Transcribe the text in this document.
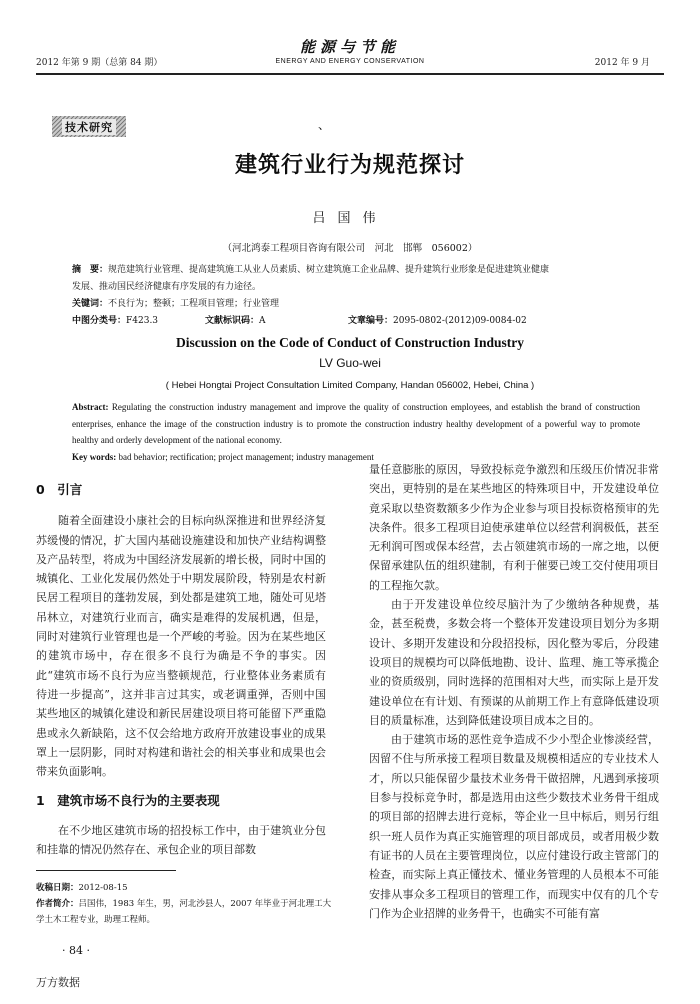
2012 年第 9 期（总第 84 期）
能源与节能
ENERGY AND ENERGY CONSERVATION	2012 年 9 月
技术研究	、
建筑行业行为规范探讨
吕国伟
（河北鸿泰工程项目咨询有限公司　河北　邯郸　056002）
摘　要：规范建筑行业管理、提高建筑施工从业人员素质、树立建筑施工企业品牌、提升建筑行业形象是促进建筑业健康
发展、推动国民经济健康有序发展的有力途径。
关键词：不良行为；整顿；工程项目管理；行业管理
中图分类号：F423.3	文献标识码：A	文章编号：2095-0802-(2012)09-0084-02
Discussion on the Code of Conduct of Construction Industry
LV Guo-wei
( Hebei Hongtai Project Consultation Limited Company, Handan 056002, Hebei, China )
Abstract: Regulating the construction industry management and improve the quality of construction employees, and establish the brand of construction enterprises, enhance the image of the construction industry is to promote the construction industry healthy development of a powerful way to promote healthy and orderly development of the national economy.
Key words: bad behavior; rectification; project management; industry management

0　引言

随着全面建设小康社会的目标向纵深推进和世界经济复苏缓慢的情况，扩大国内基础设施建设和加快产业结构调整及产品转型，将成为中国经济发展新的增长极，同时中国的城镇化、工业化发展仍然处于中期发展阶段，特别是农村新民居工程项目的蓬勃发展，到处都是建筑工地，随处可见塔吊林立，对建筑行业而言，确实是难得的发展机遇，但是，同时对建筑行业管理也是一个严峻的考验。因为在某些地区的建筑市场中，存在很多不良行为确是不争的事实。因此“建筑市场不良行为应当整顿规范，行业整体业务素质有待进一步提高”，这并非言过其实，或老调重弹，否则中国某些地区的城镇化建设和新民居建设项目将可能留下严重隐患或永久新缺陷，这不仅会给地方政府开放建设事业的成果罩上一层阴影，同时对构建和谐社会的相关事业和成果也会带来负面影响。

1　建筑市场不良行为的主要表现

在不少地区建筑市场的招投标工作中，由于建筑业分包和挂靠的情况仍然存在、承包企业的项目部数

量任意膨胀的原因，导致投标竞争激烈和压级压价情况非常突出，更特别的是在某些地区的特殊项目中，开发建设单位竟采取以垫资数额多少作为企业参与项目投标资格预审的先决条件。很多工程项目迫使承建单位以经营利润极低，甚至无利润可图或保本经营，去占领建筑市场的一席之地，以便保留承建队伍的组织建制，有利于催要已竣工交付使用项目的工程拖欠款。

由于开发建设单位绞尽脑汁为了少缴纳各种规费，基金，甚至税费，多数会将一个整体开发建设项目划分为多期设计、多期开发建设和分段招投标，因化整为零后，分段建设项目的规模均可以降低地勘、设计、监理、施工等承揽企业的资质级别，同时选择的范围相对大些，而实际上是开发建设单位在有计划、有预谋的从前期工作上有意降低建设项目的质量标准，达到降低建设项目成本之目的。

由于建筑市场的恶性竞争造成不少小型企业惨淡经营，因留不住与所承接工程项目数量及规模相适应的专业技术人才，所以只能保留少量技术业务骨干做招牌，凡遇到承接项目参与投标竞争时，都是选用由这些少数技术业务骨干组成的项目部的招牌去进行竞标，等企业一旦中标后，则另行组织一班人员作为真正实施管理的项目部成员，或者用极少数有证书的人员在主要管理岗位，以应付建设行政主管部门的检查，而实际上真正懂技术、懂业务管理的人员根本不可能安排从事众多工程项目的管理工作，而现实中仅有的几个专门作为企业招牌的业务骨干，也确实不可能有富

收稿日期：2012-08-15
作者简介：吕国伟，1983 年生，男，河北沙县人，2007 年毕业于河北理工大学土木工程专业，助理工程师。
· 84 ·
万方数据
